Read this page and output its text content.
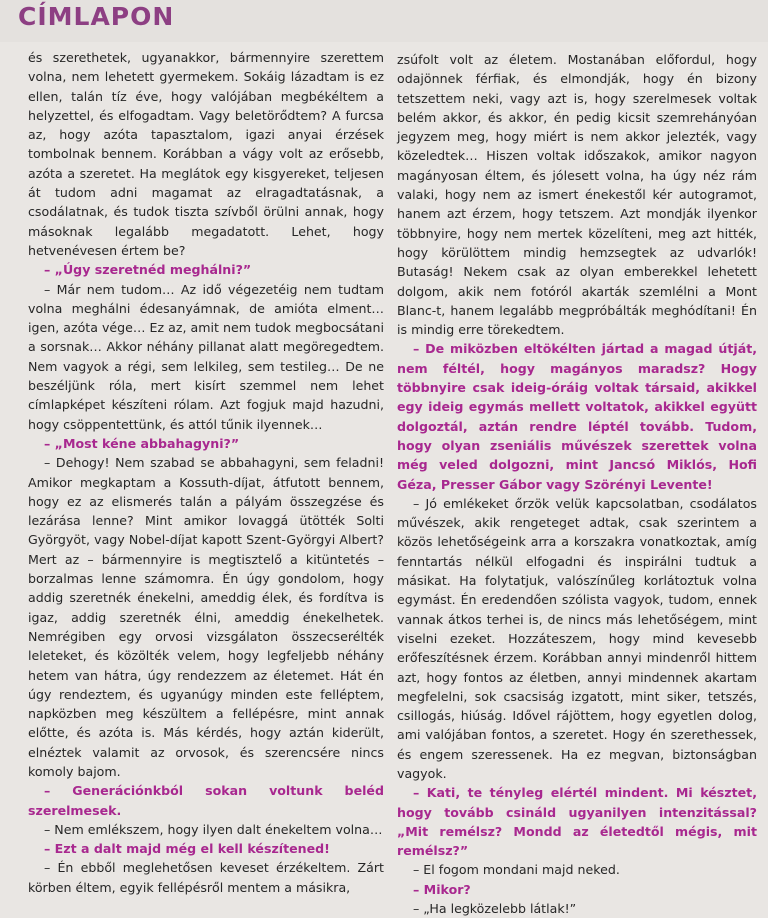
CÍMLAPON

és szerethetek, ugyanakkor, bármennyire szerettem volna, nem lehetett gyermekem. Sokáig lázadtam is ez ellen, talán tíz éve, hogy valójában megbékéltem a helyzettel, és elfogadtam. Vagy beletörődtem? A furcsa az, hogy azóta tapasztalom, igazi anyai érzések tombolnak bennem. Korábban a vágy volt az erősebb, azóta a szeretet. Ha meglátok egy kisgyereket, teljesen át tudom adni magamat az elragadtatásnak, a csodálatnak, és tudok tiszta szívből örülni annak, hogy másoknak legalább megadatott. Lehet, hogy hetvenévesen értem be?

– „Úgy szeretnéd meghálni?”

– Már nem tudom… Az idő végezetéig nem tudtam volna meghálni édesanyámnak, de amióta elment… igen, azóta vége… Ez az, amit nem tudok megbocsátani a sorsnak… Akkor néhány pillanat alatt megöregedtem. Nem vagyok a régi, sem lelkileg, sem testileg… De ne beszéljünk róla, mert kisírt szemmel nem lehet címlapképet készíteni rólam. Azt fogjuk majd hazudni, hogy csöppentettünk, és attól tűnik ilyennek…

– „Most kéne abbahagyni?”

– Dehogy! Nem szabad se abbahagyni, sem feladni! Amikor megkaptam a Kossuth-díjat, átfutott bennem, hogy ez az elismerés talán a pályám összegzése és lezárása lenne? Mint amikor lovaggá ütötték Solti Györgyöt, vagy Nobel-díjat kapott Szent-Györgyi Albert? Mert az – bármennyire is megtisztelő a kitüntetés – borzalmas lenne számomra. Én úgy gondolom, hogy addig szeretnék énekelni, ameddig élek, és fordítva is igaz, addig szeretnék élni, ameddig énekelhetek. Nemrégiben egy orvosi vizsgálaton összecserélték leleteket, és közölték velem, hogy legfeljebb néhány hetem van hátra, úgy rendezzem az életemet. Hát én úgy rendeztem, és ugyanúgy minden este felléptem, napközben meg készültem a fellépésre, mint annak előtte, és azóta is. Más kérdés, hogy aztán kiderült, elnéztek valamit az orvosok, és szerencsére nincs komoly bajom.

– Generációnkból sokan voltunk beléd szerelmesek.

– Nem emlékszem, hogy ilyen dalt énekeltem volna…

– Ezt a dalt majd még el kell készítened!

– Én ebből meglehetősen keveset érzékeltem. Zárt körben éltem, egyik fellépésről mentem a másikra,

zsúfolt volt az életem. Mostanában előfordul, hogy odajönnek férfiak, és elmondják, hogy én bizony tetszettem neki, vagy azt is, hogy szerelmesek voltak belém akkor, és akkor, én pedig kicsit szemrehányóan jegyzem meg, hogy miért is nem akkor jelezték, vagy közeledtek… Hiszen voltak időszakok, amikor nagyon magányosan éltem, és jólesett volna, ha úgy néz rám valaki, hogy nem az ismert énekestől kér autogramot, hanem azt érzem, hogy tetszem. Azt mondják ilyenkor többnyire, hogy nem mertek közelíteni, meg azt hitték, hogy körülöttem mindig hemzsegtek az udvarlók! Butaság! Nekem csak az olyan emberekkel lehetett dolgom, akik nem fotóról akarták szemlélni a Mont Blanc-t, hanem legalább megpróbálták meghódítani! Én is mindig erre törekedtem.

– De miközben eltökélten jártad a magad útját, nem féltél, hogy magányos maradsz? Hogy többnyire csak ideig-óráig voltak társaid, akikkel egy ideig egymás mellett voltatok, akikkel együtt dolgoztál, aztán rendre léptél tovább. Tudom, hogy olyan zseniális művészek szerettek volna még veled dolgozni, mint Jancsó Miklós, Hofi Géza, Presser Gábor vagy Szörényi Levente!

– Jó emlékeket őrzök velük kapcsolatban, csodálatos művészek, akik rengeteget adtak, csak szerintem a közös lehetőségeink arra a korszakra vonatkoztak, amíg fenntartás nélkül elfogadni és inspirálni tudtuk a másikat. Ha folytatjuk, valószínűleg korlátoztuk volna egymást. Én eredendően szólista vagyok, tudom, ennek vannak átkos terhei is, de nincs más lehetőségem, mint viselni ezeket. Hozzáteszem, hogy mind kevesebb erőfeszítésnek érzem. Korábban annyi mindenről hittem azt, hogy fontos az életben, annyi mindennek akartam megfelelni, sok csacsiság izgatott, mint siker, tetszés, csillogás, hiúság. Idővel rájöttem, hogy egyetlen dolog, ami valójában fontos, a szeretet. Hogy én szerethessek, és engem szeressenek. Ha ez megvan, biztonságban vagyok.

– Kati, te tényleg elértél mindent. Mi késztet, hogy tovább csináld ugyanilyen intenzitással? „Mit remélsz? Mondd az életedtől mégis, mit remélsz?”

– El fogom mondani majd neked.

– Mikor?

– „Ha legközelebb látlak!”
